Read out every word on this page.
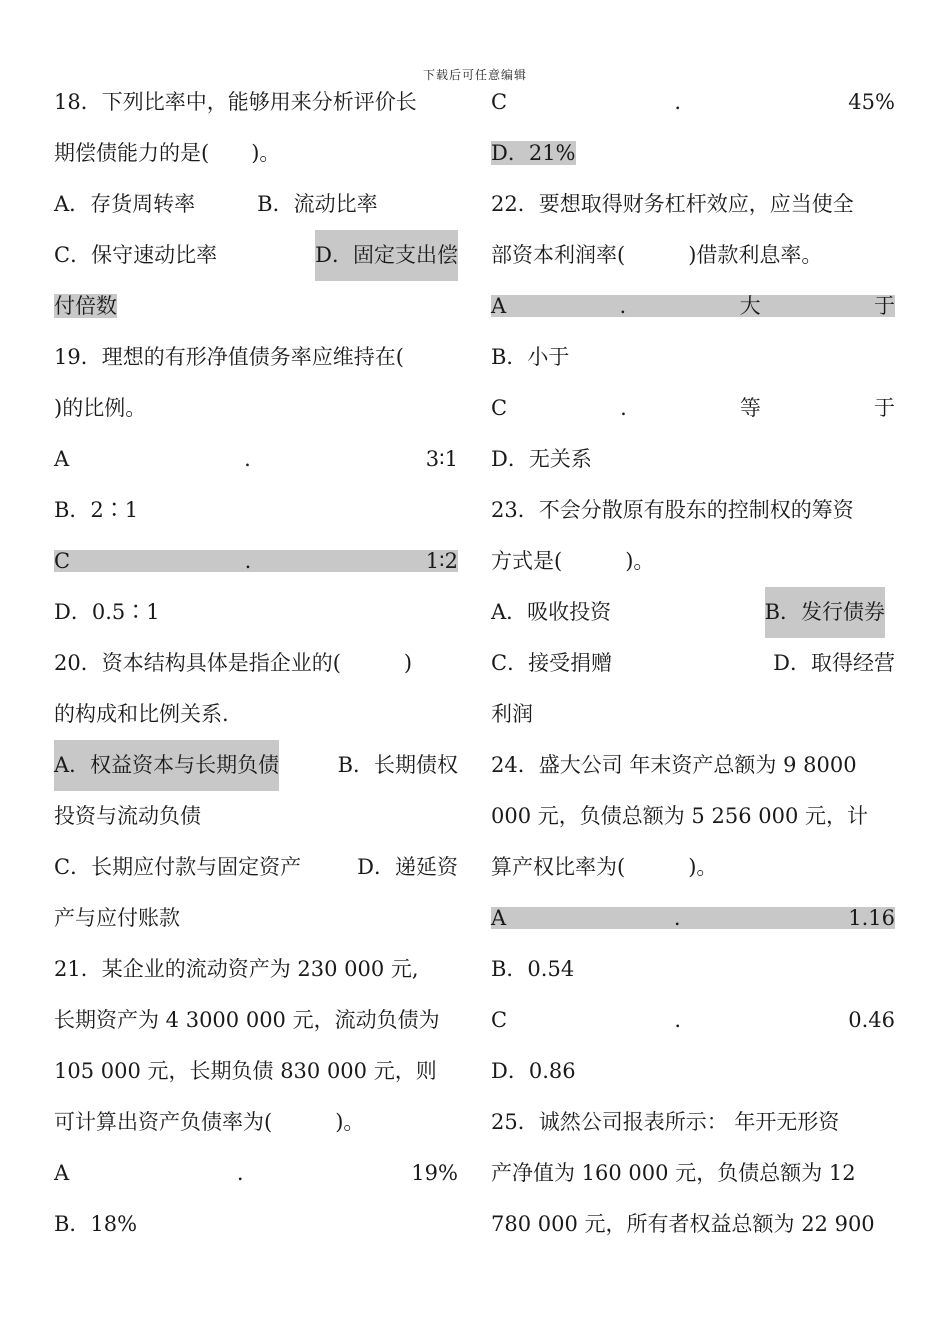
下载后可任意编辑
18．下列比率中，能够用来分析评价长
期偿债能力的是(　　)。
A．存货周转率	B．流动比率
C．保守速动比率	D．固定支出偿
付倍数
19．理想的有形净值债务率应维持在(
)的比例。
A	.	3∶1
B．2∶1
C	.	1∶2
D．0.5∶1
20．资本结构具体是指企业的(　　　)
的构成和比例关系.
A．权益资本与长期负债	B．长期债权
投资与流动负债
C．长期应付款与固定资产	D．递延资
产与应付账款
21．某企业的流动资产为 230 000 元,
长期资产为 4 3000 000 元，流动负债为
105 000 元，长期负债 830 000 元，则
可计算出资产负债率为(　　　)。
A	.	19%
B．18%
C	.	45%
D．21%
22．要想取得财务杠杆效应，应当使全
部资本利润率(　　　)借款利息率。
A	.	大	于
B．小于
C	.	等	于
D．无关系
23．不会分散原有股东的控制权的筹资
方式是(　　　)。
A．吸收投资	B．发行债券
C．接受捐赠	D．取得经营
利润
24．盛大公司 年末资产总额为 9 8000
000 元，负债总额为 5 256 000 元，计
算产权比率为(　　　)。
A	.	1.16
B．0.54
C	.	0.46
D．0.86
25．诚然公司报表所示： 年开无形资
产净值为 160 000 元，负债总额为 12
780 000 元，所有者权益总额为 22 900
